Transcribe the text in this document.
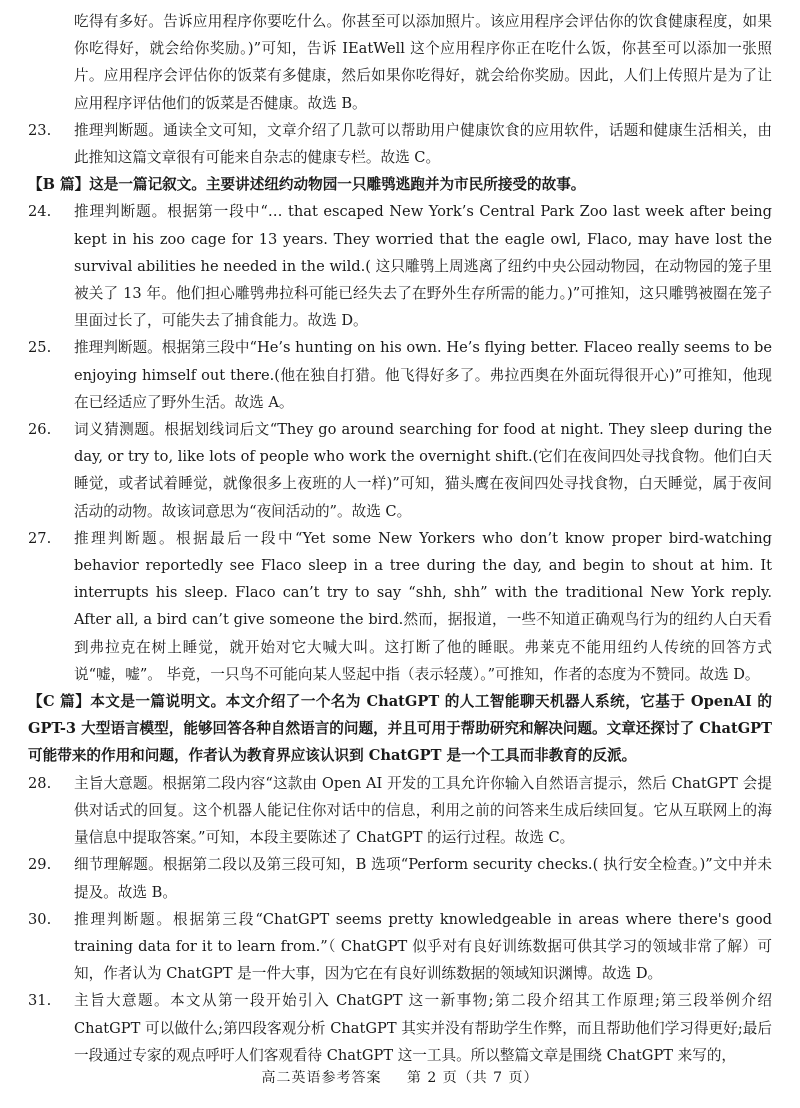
吃得有多好。告诉应用程序你要吃什么。你甚至可以添加照片。该应用程序会评估你的饮食健康程度，如果你吃得好，就会给你奖励。)”可知，告诉 IEatWell 这个应用程序你正在吃什么饭，你甚至可以添加一张照片。应用程序会评估你的饭菜有多健康，然后如果你吃得好，就会给你奖励。因此，人们上传照片是为了让应用程序评估他们的饭菜是否健康。故选 B。

23.	推理判断题。通读全文可知，文章介绍了几款可以帮助用户健康饮食的应用软件，话题和健康生活相关，由此推知这篇文章很有可能来自杂志的健康专栏。故选 C。

【B 篇】这是一篇记叙文。主要讲述纽约动物园一只雕鸮逃跑并为市民所接受的故事。

24.	推理判断题。根据第一段中“… that escaped New York’s Central Park Zoo last week after being kept in his zoo cage for 13 years. They worried that the eagle owl, Flaco, may have lost the survival abilities he needed in the wild.( 这只雕鸮上周逃离了纽约中央公园动物园，在动物园的笼子里被关了 13 年。他们担心雕鸮弗拉科可能已经失去了在野外生存所需的能力。)”可推知，这只雕鸮被圈在笼子里面过长了，可能失去了捕食能力。故选 D。
25.	推理判断题。根据第三段中“He’s hunting on his own. He’s flying better. Flaceo really seems to be enjoying himself out there.(他在独自打猎。他飞得好多了。弗拉西奥在外面玩得很开心)”可推知，他现在已经适应了野外生活。故选 A。
26.	词义猜测题。根据划线词后文“They go around searching for food at night. They sleep during the day, or try to, like lots of people who work the overnight shift.(它们在夜间四处寻找食物。他们白天睡觉，或者试着睡觉，就像很多上夜班的人一样)”可知，猫头鹰在夜间四处寻找食物，白天睡觉，属于夜间活动的动物。故该词意思为“夜间活动的”。故选 C。
27.	推理判断题。根据最后一段中“Yet some New Yorkers who don’t know proper bird-watching behavior reportedly see Flaco sleep in a tree during the day, and begin to shout at him. It interrupts his sleep. Flaco can’t try to say “shh, shh” with the traditional New York reply. After all, a bird can’t give someone the bird.然而，据报道，一些不知道正确观鸟行为的纽约人白天看到弗拉克在树上睡觉，就开始对它大喊大叫。这打断了他的睡眠。弗莱克不能用纽约人传统的回答方式说“嘘，嘘”。 毕竟，一只鸟不可能向某人竖起中指（表示轻蔑）。”可推知，作者的态度为不赞同。故选 D。

【C 篇】本文是一篇说明文。本文介绍了一个名为 ChatGPT 的人工智能聊天机器人系统，它基于 OpenAI 的 GPT-3 大型语言模型，能够回答各种自然语言的问题，并且可用于帮助研究和解决问题。文章还探讨了 ChatGPT 可能带来的作用和问题，作者认为教育界应该认识到 ChatGPT 是一个工具而非教育的反派。

28.	主旨大意题。根据第二段内容“这款由 Open AI 开发的工具允许你输入自然语言提示，然后 ChatGPT 会提供对话式的回复。这个机器人能记住你对话中的信息，利用之前的问答来生成后续回复。它从互联网上的海量信息中提取答案。”可知，本段主要陈述了 ChatGPT 的运行过程。故选 C。
29.	细节理解题。根据第二段以及第三段可知，B 选项“Perform security checks.( 执行安全检查。)”文中并未提及。故选 B。
30.	推理判断题。根据第三段“ChatGPT seems pretty knowledgeable in areas where there's good training data for it to learn from.”（ ChatGPT 似乎对有良好训练数据可供其学习的领域非常了解）可知，作者认为 ChatGPT 是一件大事，因为它在有良好训练数据的领域知识渊博。故选 D。
31.	主旨大意题。本文从第一段开始引入 ChatGPT 这一新事物;第二段介绍其工作原理;第三段举例介绍 ChatGPT 可以做什么;第四段客观分析 ChatGPT 其实并没有帮助学生作弊，而且帮助他们学习得更好;最后一段通过专家的观点呼吁人们客观看待 ChatGPT 这一工具。所以整篇文章是围绕 ChatGPT 来写的，
高二英语参考答案 第 2 页（共 7 页）
